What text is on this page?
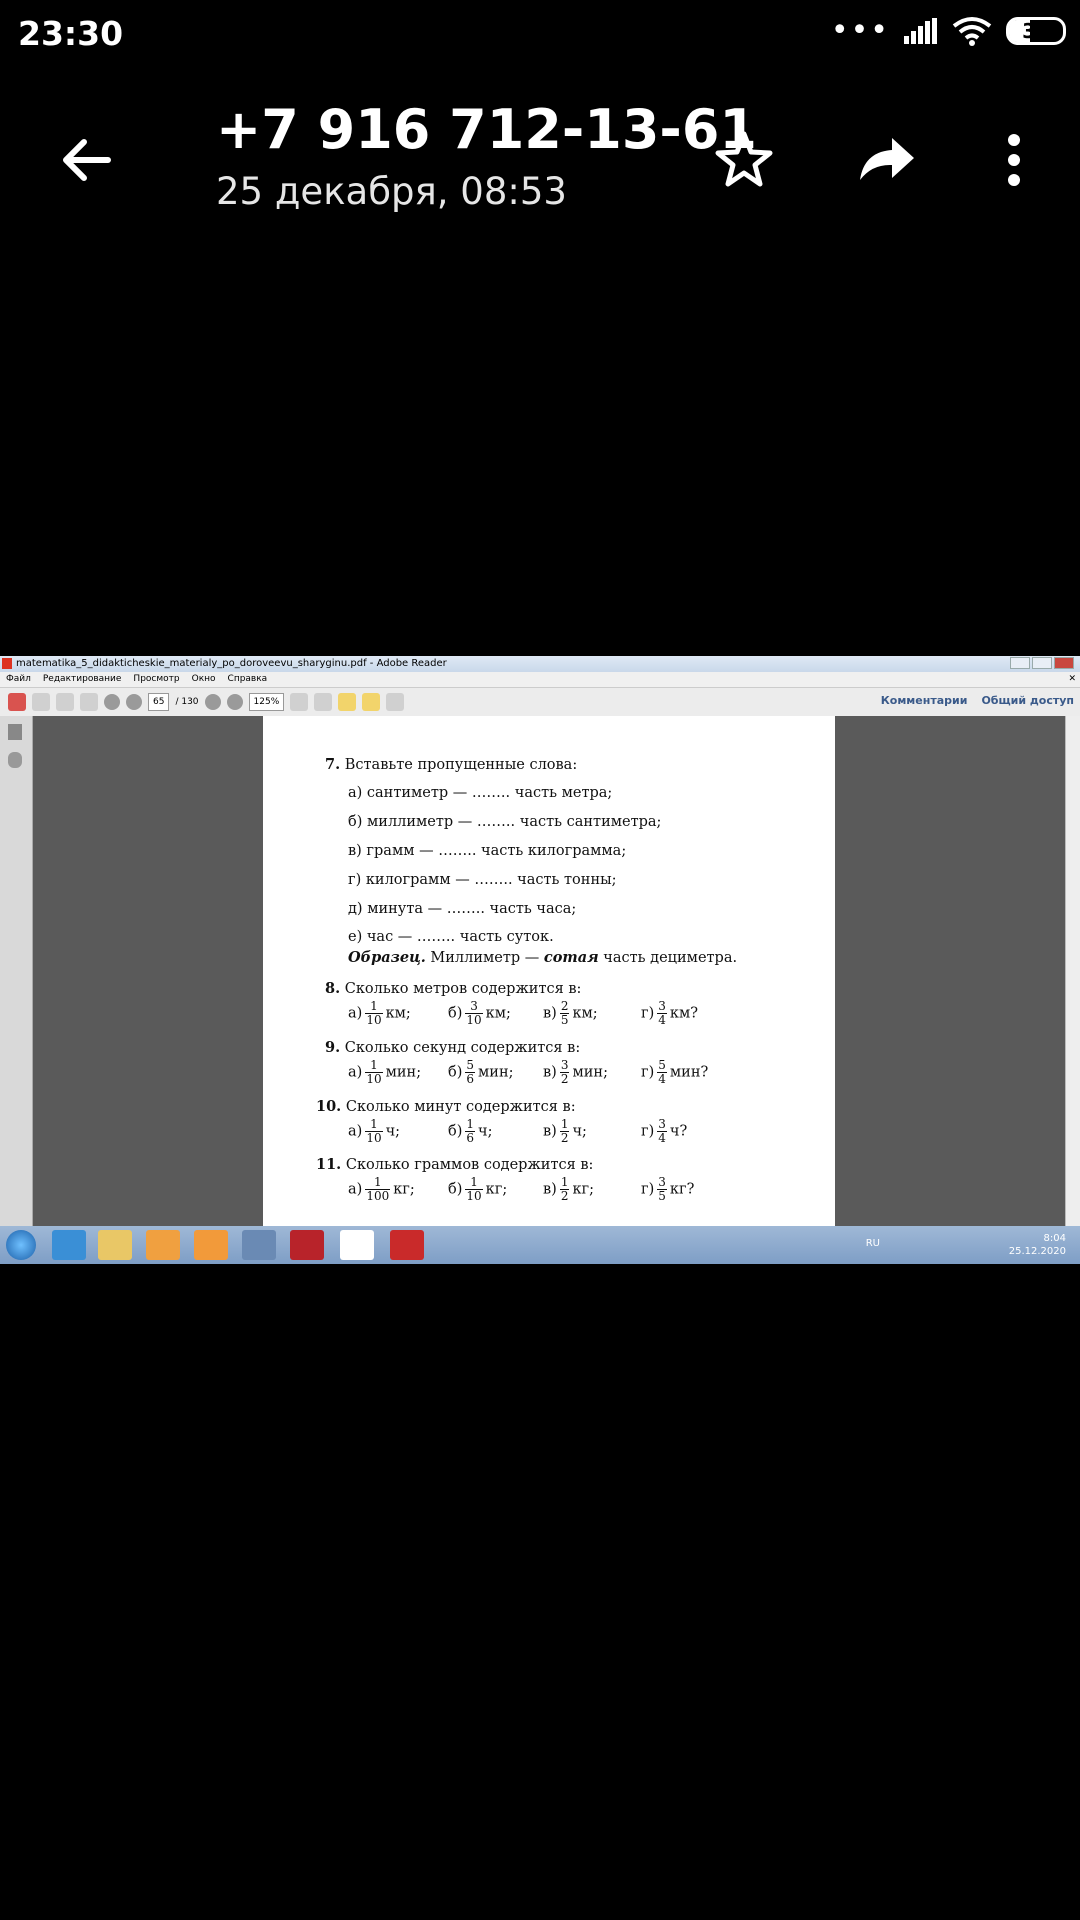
23:30	•••	39
+7 916 712-13-61
25 декабря, 08:53
matematika_5_didakticheskie_materialy_po_doroveevu_sharyginu.pdf - Adobe Reader
Файл Редактирование Просмотр Окно Справка	✕
65	/ 130	125%	Комментарии Общий доступ
7. Вставьте пропущенные слова:
а) сантиметр — …….. часть метра;
б) миллиметр — …….. часть сантиметра;
в) грамм — …….. часть килограмма;
г) килограмм — …….. часть тонны;
д) минута — …….. часть часа;
е) час — …….. часть суток.
Образец. Миллиметр — сотая часть дециметра.
8. Сколько метров содержится в:
9. Сколько секунд содержится в:
10. Сколько минут содержится в:
11. Сколько граммов содержится в:
$а) \frac{1}{10}$ км;	$б) \frac{3}{10}$ км; $в) \frac{2}{5}$ км;	$г) \frac{3}{4}$ км?
$а) \frac{1}{10}$ мин; $б) \frac{5}{6}$ мин; $в) \frac{3}{2}$ мин; $г) \frac{5}{4}$ мин?
$а) \frac{1}{10} ч$;	$б) \frac{1}{6} ч$;	$в) \frac{1}{2} ч$;	$г) \frac{3}{4} ч$?
$а) \frac{1}{100}$ кг; $б) \frac{1}{10}$ кг; $в) \frac{1}{2}$ кг;	$г) \frac{3}{5}$ кг?
RU	8:04
25.12.2020
